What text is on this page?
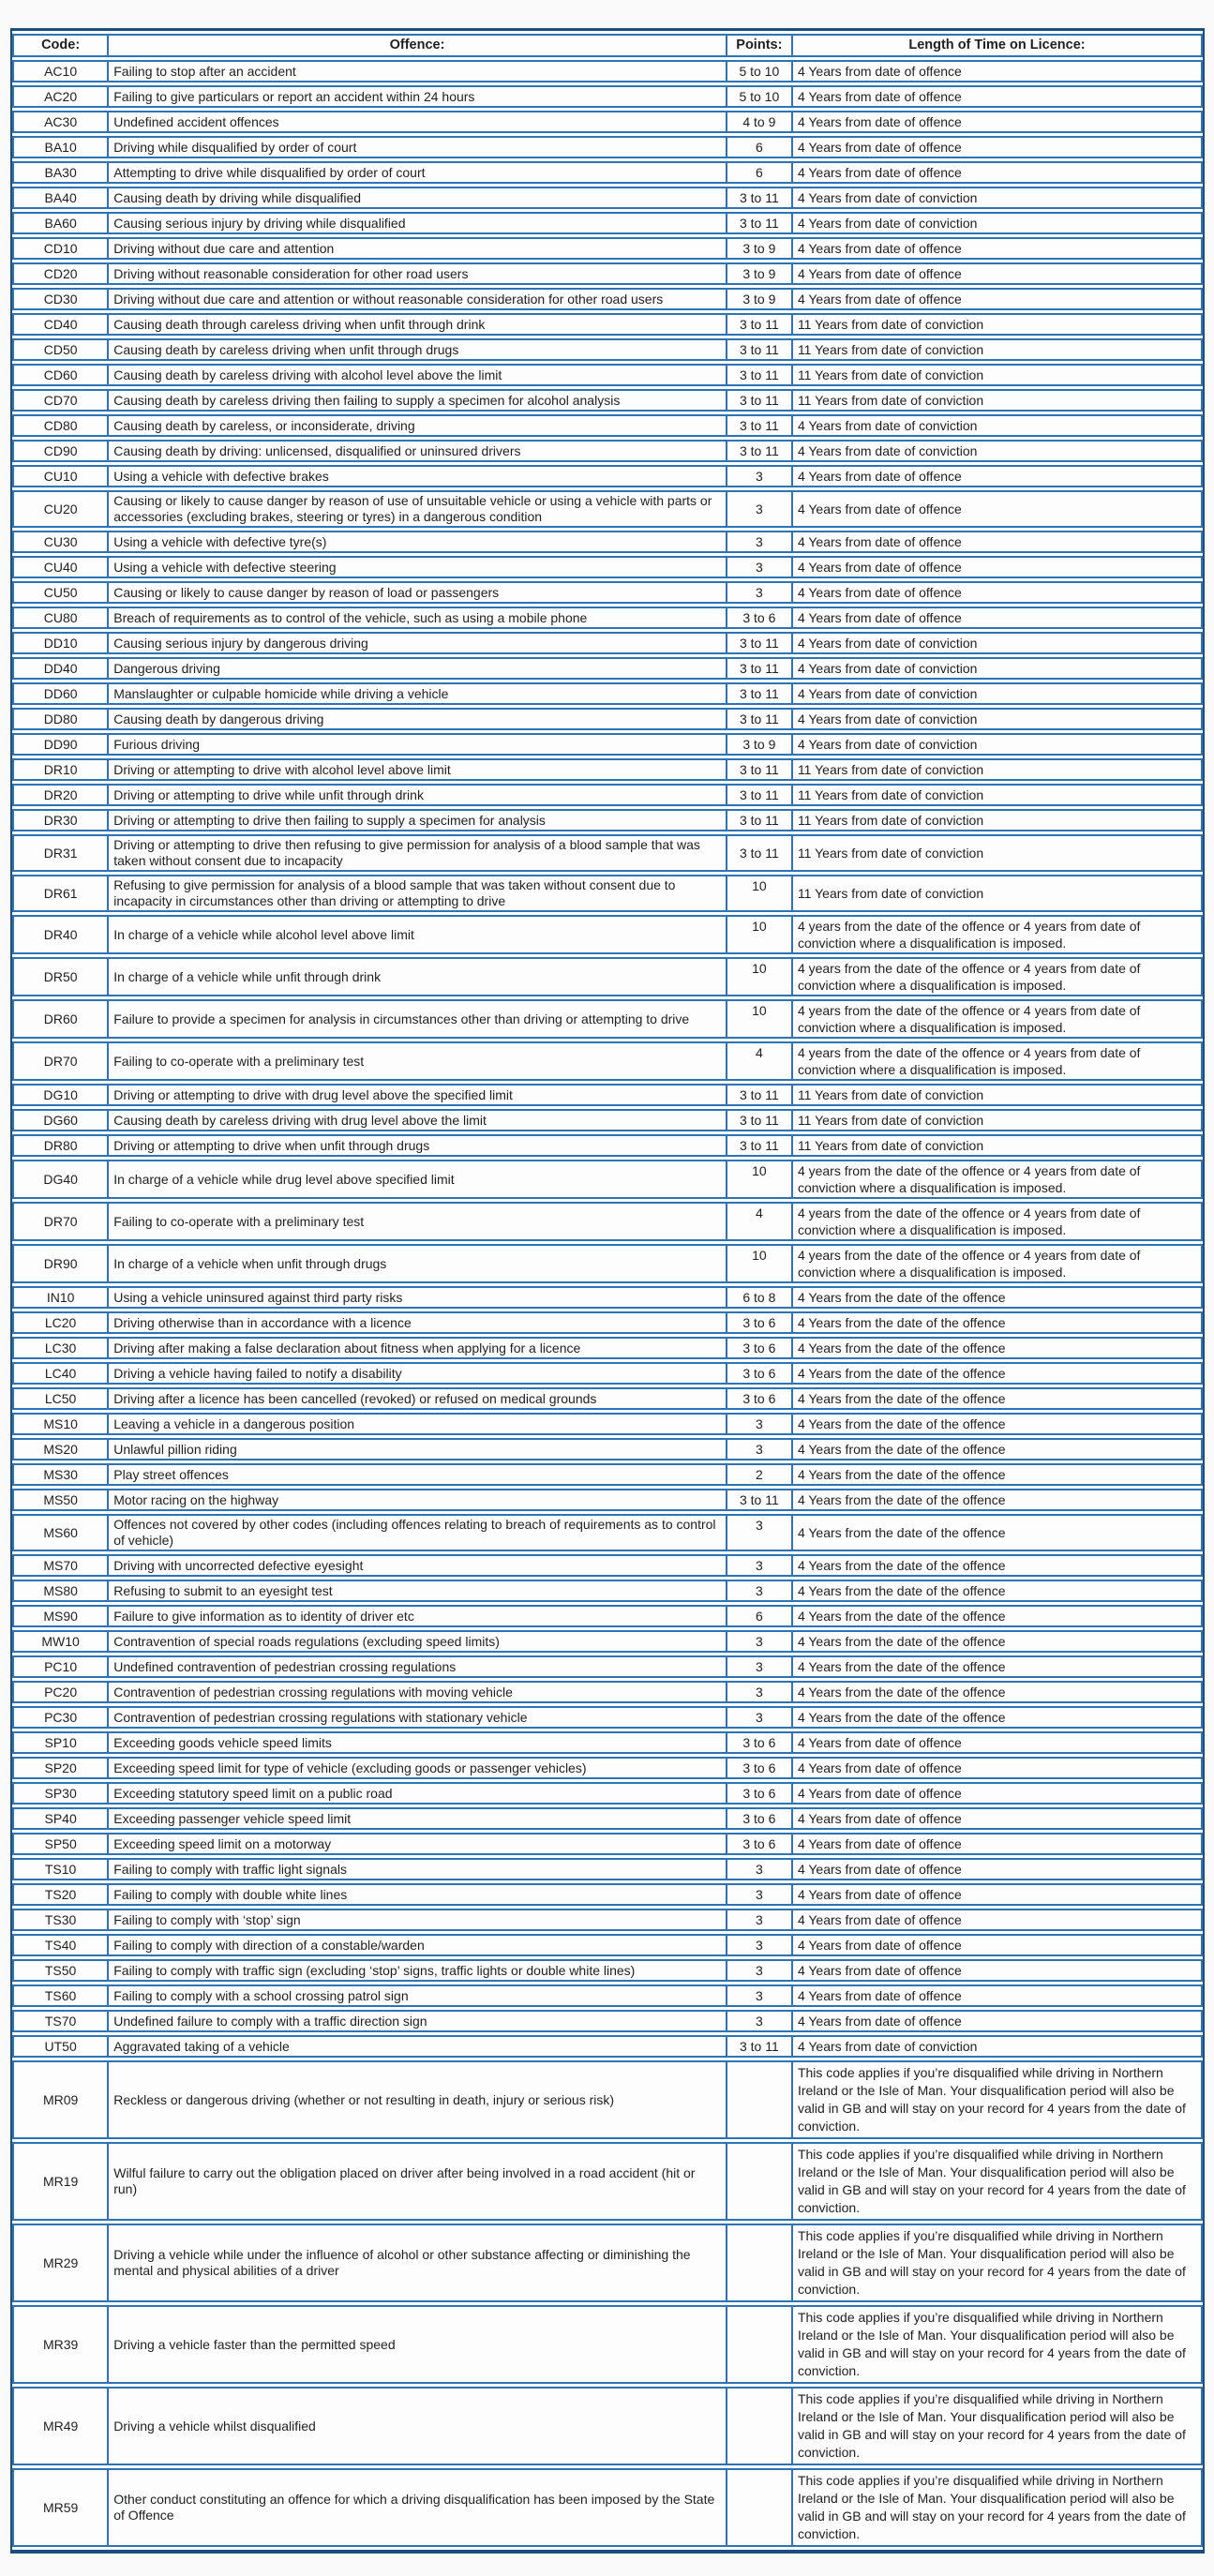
Code:	Offence:	Points:	Length of Time on Licence:
AC10	Failing to stop after an accident	5 to 10	4 Years from date of offence
AC20	Failing to give particulars or report an accident within 24 hours	5 to 10	4 Years from date of offence
AC30	Undefined accident offences	4 to 9	4 Years from date of offence
BA10	Driving while disqualified by order of court	6	4 Years from date of offence
BA30	Attempting to drive while disqualified by order of court	6	4 Years from date of offence
BA40	Causing death by driving while disqualified	3 to 11	4 Years from date of conviction
BA60	Causing serious injury by driving while disqualified	3 to 11	4 Years from date of conviction
CD10	Driving without due care and attention	3 to 9	4 Years from date of offence
CD20	Driving without reasonable consideration for other road users	3 to 9	4 Years from date of offence
CD30	Driving without due care and attention or without reasonable consideration for other road users	3 to 9	4 Years from date of offence
CD40	Causing death through careless driving when unfit through drink	3 to 11	11 Years from date of conviction
CD50	Causing death by careless driving when unfit through drugs	3 to 11	11 Years from date of conviction
CD60	Causing death by careless driving with alcohol level above the limit	3 to 11	11 Years from date of conviction
CD70	Causing death by careless driving then failing to supply a specimen for alcohol analysis	3 to 11	11 Years from date of conviction
CD80	Causing death by careless, or inconsiderate, driving	3 to 11	4 Years from date of conviction
CD90	Causing death by driving: unlicensed, disqualified or uninsured drivers	3 to 11	4 Years from date of conviction
CU10	Using a vehicle with defective brakes	3	4 Years from date of offence
CU20	Causing or likely to cause danger by reason of use of unsuitable vehicle or using a vehicle with parts or accessories (excluding brakes, steering or tyres) in a dangerous condition	3	4 Years from date of offence
CU30	Using a vehicle with defective tyre(s)	3	4 Years from date of offence
CU40	Using a vehicle with defective steering	3	4 Years from date of offence
CU50	Causing or likely to cause danger by reason of load or passengers	3	4 Years from date of offence
CU80	Breach of requirements as to control of the vehicle, such as using a mobile phone	3 to 6	4 Years from date of offence
DD10	Causing serious injury by dangerous driving	3 to 11	4 Years from date of conviction
DD40	Dangerous driving	3 to 11	4 Years from date of conviction
DD60	Manslaughter or culpable homicide while driving a vehicle	3 to 11	4 Years from date of conviction
DD80	Causing death by dangerous driving	3 to 11	4 Years from date of conviction
DD90	Furious driving	3 to 9	4 Years from date of conviction
DR10	Driving or attempting to drive with alcohol level above limit	3 to 11	11 Years from date of conviction
DR20	Driving or attempting to drive while unfit through drink	3 to 11	11 Years from date of conviction
DR30	Driving or attempting to drive then failing to supply a specimen for analysis	3 to 11	11 Years from date of conviction
DR31	Driving or attempting to drive then refusing to give permission for analysis of a blood sample that was taken without consent due to incapacity	3 to 11	11 Years from date of conviction
DR61	Refusing to give permission for analysis of a blood sample that was taken without consent due to incapacity in circumstances other than driving or attempting to drive	10	11 Years from date of conviction
DR40	In charge of a vehicle while alcohol level above limit	10	4 years from the date of the offence or 4 years from date of conviction where a disqualification is imposed.
DR50	In charge of a vehicle while unfit through drink	10	4 years from the date of the offence or 4 years from date of conviction where a disqualification is imposed.
DR60	Failure to provide a specimen for analysis in circumstances other than driving or attempting to drive	10	4 years from the date of the offence or 4 years from date of conviction where a disqualification is imposed.
DR70	Failing to co-operate with a preliminary test	4	4 years from the date of the offence or 4 years from date of conviction where a disqualification is imposed.
DG10	Driving or attempting to drive with drug level above the specified limit	3 to 11	11 Years from date of conviction
DG60	Causing death by careless driving with drug level above the limit	3 to 11	11 Years from date of conviction
DR80	Driving or attempting to drive when unfit through drugs	3 to 11	11 Years from date of conviction
DG40	In charge of a vehicle while drug level above specified limit	10	4 years from the date of the offence or 4 years from date of conviction where a disqualification is imposed.
DR70	Failing to co-operate with a preliminary test	4	4 years from the date of the offence or 4 years from date of conviction where a disqualification is imposed.
DR90	In charge of a vehicle when unfit through drugs	10	4 years from the date of the offence or 4 years from date of conviction where a disqualification is imposed.
IN10	Using a vehicle uninsured against third party risks	6 to 8	4 Years from the date of the offence
LC20	Driving otherwise than in accordance with a licence	3 to 6	4 Years from the date of the offence
LC30	Driving after making a false declaration about fitness when applying for a licence	3 to 6	4 Years from the date of the offence
LC40	Driving a vehicle having failed to notify a disability	3 to 6	4 Years from the date of the offence
LC50	Driving after a licence has been cancelled (revoked) or refused on medical grounds	3 to 6	4 Years from the date of the offence
MS10	Leaving a vehicle in a dangerous position	3	4 Years from the date of the offence
MS20	Unlawful pillion riding	3	4 Years from the date of the offence
MS30	Play street offences	2	4 Years from the date of the offence
MS50	Motor racing on the highway	3 to 11	4 Years from the date of the offence
MS60	Offences not covered by other codes (including offences relating to breach of requirements as to control of vehicle)	3	4 Years from the date of the offence
MS70	Driving with uncorrected defective eyesight	3	4 Years from the date of the offence
MS80	Refusing to submit to an eyesight test	3	4 Years from the date of the offence
MS90	Failure to give information as to identity of driver etc	6	4 Years from the date of the offence
MW10	Contravention of special roads regulations (excluding speed limits)	3	4 Years from the date of the offence
PC10	Undefined contravention of pedestrian crossing regulations	3	4 Years from the date of the offence
PC20	Contravention of pedestrian crossing regulations with moving vehicle	3	4 Years from the date of the offence
PC30	Contravention of pedestrian crossing regulations with stationary vehicle	3	4 Years from the date of the offence
SP10	Exceeding goods vehicle speed limits	3 to 6	4 Years from date of offence
SP20	Exceeding speed limit for type of vehicle (excluding goods or passenger vehicles)	3 to 6	4 Years from date of offence
SP30	Exceeding statutory speed limit on a public road	3 to 6	4 Years from date of offence
SP40	Exceeding passenger vehicle speed limit	3 to 6	4 Years from date of offence
SP50	Exceeding speed limit on a motorway	3 to 6	4 Years from date of offence
TS10	Failing to comply with traffic light signals	3	4 Years from date of offence
TS20	Failing to comply with double white lines	3	4 Years from date of offence
TS30	Failing to comply with ‘stop’ sign	3	4 Years from date of offence
TS40	Failing to comply with direction of a constable/warden	3	4 Years from date of offence
TS50	Failing to comply with traffic sign (excluding ‘stop’ signs, traffic lights or double white lines)	3	4 Years from date of offence
TS60	Failing to comply with a school crossing patrol sign	3	4 Years from date of offence
TS70	Undefined failure to comply with a traffic direction sign	3	4 Years from date of offence
UT50	Aggravated taking of a vehicle	3 to 11	4 Years from date of conviction
MR09	Reckless or dangerous driving (whether or not resulting in death, injury or serious risk)		This code applies if you’re disqualified while driving in Northern Ireland or the Isle of Man. Your disqualification period will also be valid in GB and will stay on your record for 4 years from the date of conviction.
MR19	Wilful failure to carry out the obligation placed on driver after being involved in a road accident (hit or run)		This code applies if you’re disqualified while driving in Northern Ireland or the Isle of Man. Your disqualification period will also be valid in GB and will stay on your record for 4 years from the date of conviction.
MR29	Driving a vehicle while under the influence of alcohol or other substance affecting or diminishing the mental and physical abilities of a driver		This code applies if you’re disqualified while driving in Northern Ireland or the Isle of Man. Your disqualification period will also be valid in GB and will stay on your record for 4 years from the date of conviction.
MR39	Driving a vehicle faster than the permitted speed		This code applies if you’re disqualified while driving in Northern Ireland or the Isle of Man. Your disqualification period will also be valid in GB and will stay on your record for 4 years from the date of conviction.
MR49	Driving a vehicle whilst disqualified		This code applies if you’re disqualified while driving in Northern Ireland or the Isle of Man. Your disqualification period will also be valid in GB and will stay on your record for 4 years from the date of conviction.
MR59	Other conduct constituting an offence for which a driving disqualification has been imposed by the State of Offence		This code applies if you’re disqualified while driving in Northern Ireland or the Isle of Man. Your disqualification period will also be valid in GB and will stay on your record for 4 years from the date of conviction.
